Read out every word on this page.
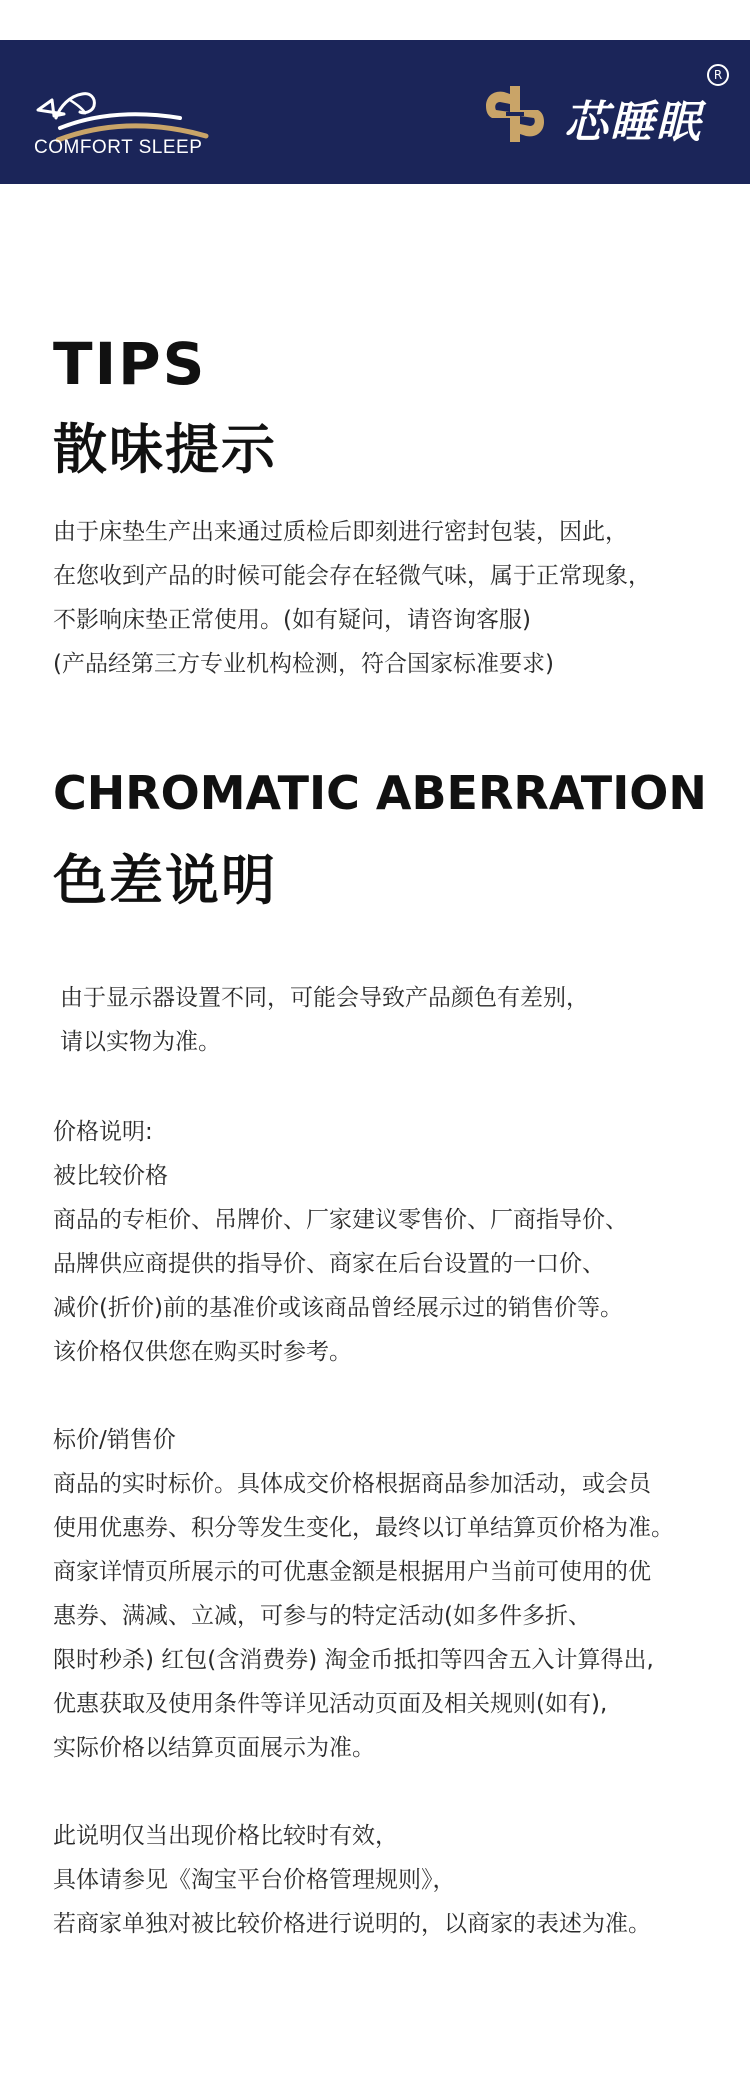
COMFORT SLEEP	芯睡眠
R
TIPS
散味提示
由于床垫生产出来通过质检后即刻进行密封包装，因此，
在您收到产品的时候可能会存在轻微气味，属于正常现象，
不影响床垫正常使用。(如有疑问，请咨询客服)
(产品经第三方专业机构检测，符合国家标准要求)
CHROMATIC ABERRATION
色差说明
由于显示器设置不同，可能会导致产品颜色有差别，
请以实物为准。
价格说明:
被比较价格
商品的专柜价、吊牌价、厂家建议零售价、厂商指导价、
品牌供应商提供的指导价、商家在后台设置的一口价、
减价(折价)前的基准价或该商品曾经展示过的销售价等。
该价格仅供您在购买时参考。

标价/销售价
商品的实时标价。具体成交价格根据商品参加活动，或会员
使用优惠券、积分等发生变化，最终以订单结算页价格为准。
商家详情页所展示的可优惠金额是根据用户当前可使用的优
惠券、满减、立减，可参与的特定活动(如多件多折、
限时秒杀) 红包(含消费券) 淘金币抵扣等四舍五入计算得出,
优惠获取及使用条件等详见活动页面及相关规则(如有),
实际价格以结算页面展示为准。

此说明仅当出现价格比较时有效，
具体请参见《淘宝平台价格管理规则》，
若商家单独对被比较价格进行说明的，以商家的表述为准。
